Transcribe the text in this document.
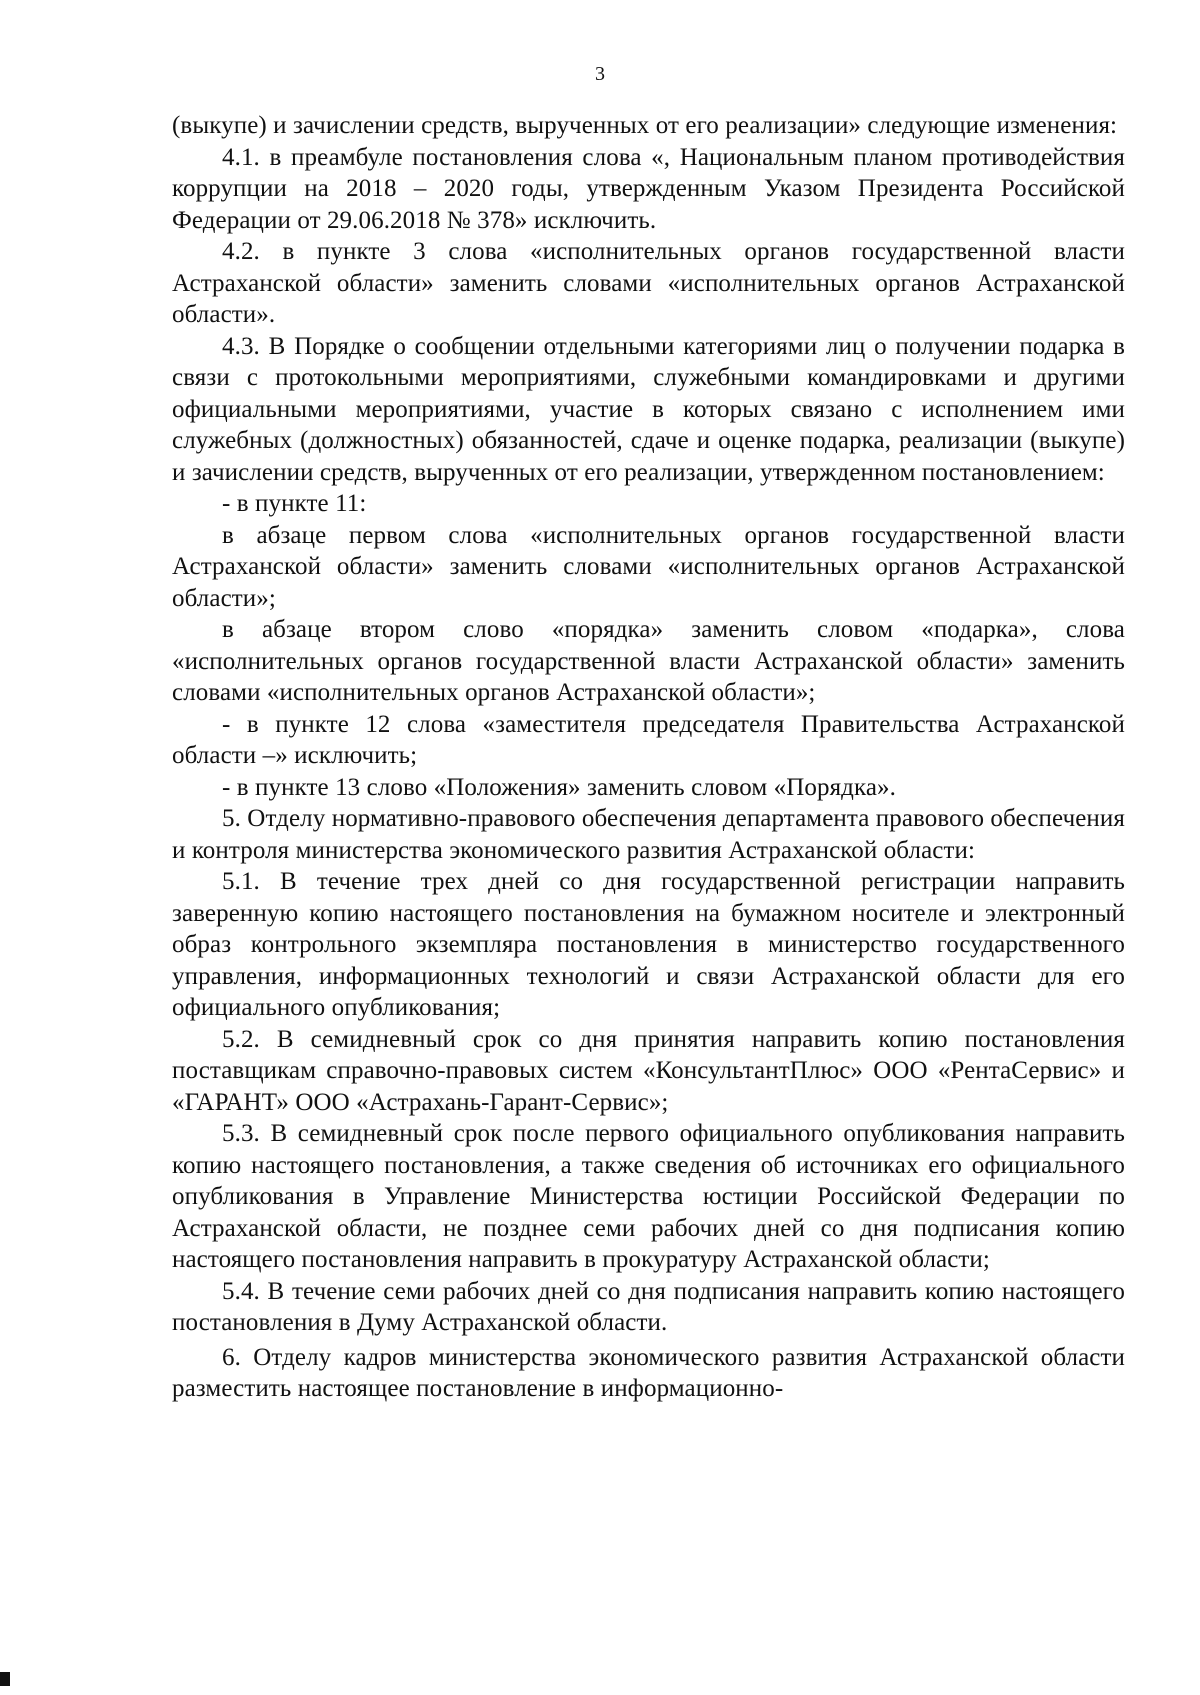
3

(выкупе) и зачислении средств, вырученных от его реализации» следующие изменения:

4.1. в преамбуле постановления слова «, Национальным планом противодействия коррупции на 2018 – 2020 годы, утвержденным Указом Президента Российской Федерации от 29.06.2018 № 378» исключить.

4.2. в пункте 3 слова «исполнительных органов государственной власти Астраханской области» заменить словами «исполнительных органов Астраханской области».

4.3. В Порядке о сообщении отдельными категориями лиц о получении подарка в связи с протокольными мероприятиями, служебными командировками и другими официальными мероприятиями, участие в которых связано с исполнением ими служебных (должностных) обязанностей, сдаче и оценке подарка, реализации (выкупе) и зачислении средств, вырученных от его реализации, утвержденном постановлением:

- в пункте 11:

в абзаце первом слова «исполнительных органов государственной власти Астраханской области» заменить словами «исполнительных органов Астраханской области»;

в абзаце втором слово «порядка» заменить словом «подарка», слова «исполнительных органов государственной власти Астраханской области» заменить словами «исполнительных органов Астраханской области»;

- в пункте 12 слова «заместителя председателя Правительства Астраханской области –» исключить;

- в пункте 13 слово «Положения» заменить словом «Порядка».

5. Отделу нормативно-правового обеспечения департамента правового обеспечения и контроля министерства экономического развития Астраханской области:

5.1. В течение трех дней со дня государственной регистрации направить заверенную копию настоящего постановления на бумажном носителе и электронный образ контрольного экземпляра постановления в министерство государственного управления, информационных технологий и связи Астраханской области для его официального опубликования;

5.2. В семидневный срок со дня принятия направить копию постановления поставщикам справочно-правовых систем «КонсультантПлюс» ООО «РентаСервис» и «ГАРАНТ» ООО «Астрахань-Гарант-Сервис»;

5.3. В семидневный срок после первого официального опубликования направить копию настоящего постановления, а также сведения об источниках его официального опубликования в Управление Министерства юстиции Российской Федерации по Астраханской области, не позднее семи рабочих дней со дня подписания копию настоящего постановления направить в прокуратуру Астраханской области;

5.4. В течение семи рабочих дней со дня подписания направить копию настоящего постановления в Думу Астраханской области.

6. Отделу кадров министерства экономического развития Астраханской области разместить настоящее постановление в информационно-
